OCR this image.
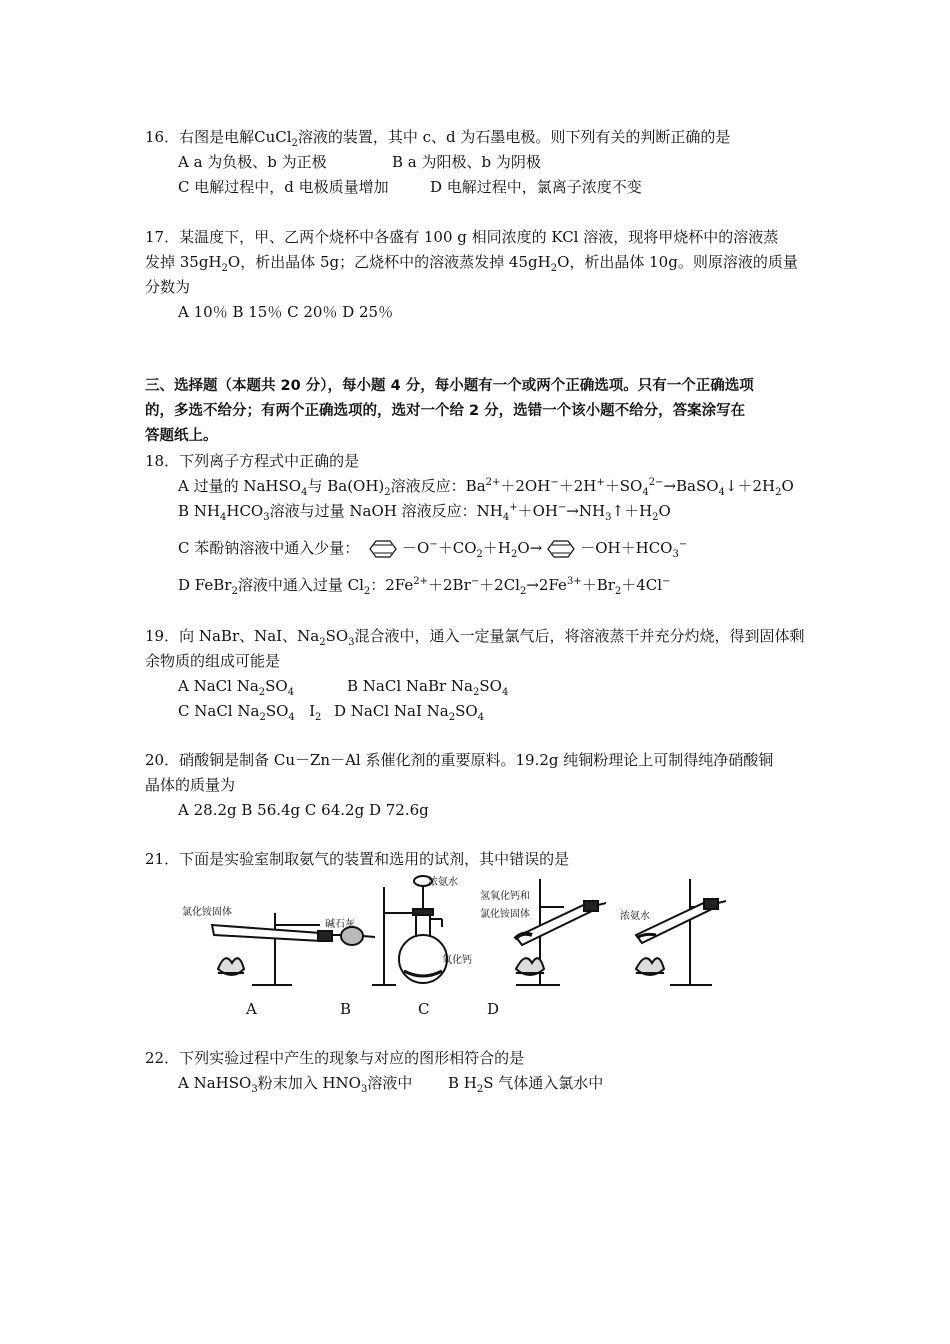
16．右图是电解CuCl$_2$溶液的装置，其中 c、d 为石墨电极。则下列有关的判断正确的是
A a 为负极、b 为正极	B a 为阳极、b 为阴极
C 电解过程中，d 电极质量增加	D 电解过程中，氯离子浓度不变
17．某温度下，甲、乙两个烧杯中各盛有 100 g 相同浓度的 KCl 溶液，现将甲烧杯中的溶液蒸
发掉 $35gH_2O$，析出晶体 5g；乙烧杯中的溶液蒸发掉 $45gH_2O$，析出晶体 10g。则原溶液的质量
分数为
A 10％ B 15％ C 20％ D 25％
三、选择题（本题共 20 分），每小题 4 分，每小题有一个或两个正确选项。只有一个正确选项
的，多选不给分；有两个正确选项的，选对一个给 2 分，选错一个该小题不给分，答案涂写在
答题纸上。
18．下列离子方程式中正确的是
A 过量的 NaHSO$_4$与 $Ba(OH)_2$溶液反应：$Ba^{2+}+2OH^-+2H^++SO_4^{2-}\to BaSO_4↓+2H_2O$
B $NH_4HCO_3$溶液与过量 NaOH 溶液反应：$NH_4^++OH^-\to NH_3↑+H_2O$
C 苯酚钠溶液中通入少量：	$-O^-+CO_2+H_2O\to$	$-OH+HCO_3^-$
D FeBr$_2$溶液中通入过量 $Cl_2$：$2Fe^{2+}+2Br^-+2Cl_2\to 2Fe^{3+}+Br_2+4Cl^-$
19．向 NaBr、NaI、$Na_2SO_3$混合液中，通入一定量氯气后，将溶液蒸干并充分灼烧，得到固体剩
余物质的组成可能是
A NaCl $Na_2SO_4$	B NaCl NaBr $Na_2SO_4$
C NaCl $Na_2SO_4$ $I_2$ D NaCl NaI $Na_2SO_4$
20．硝酸铜是制备 Cu－Zn－Al 系催化剂的重要原料。19.2g 纯铜粉理论上可制得纯净硝酸铜
晶体的质量为
A 28.2g B 56.4g C 64.2g D 72.6g
21．下面是实验室制取氨气的装置和选用的试剂，其中错误的是
氯化铵固体
碱石灰
浓氨水
氧化钙
氢氧化钙和
氯化铵固体	浓氨水
A	B	C	D
22．下列实验过程中产生的现象与对应的图形相符合的是
A NaHSO$_3$粉末加入 $HNO_3$溶液中 B $H_2S$ 气体通入氯水中
